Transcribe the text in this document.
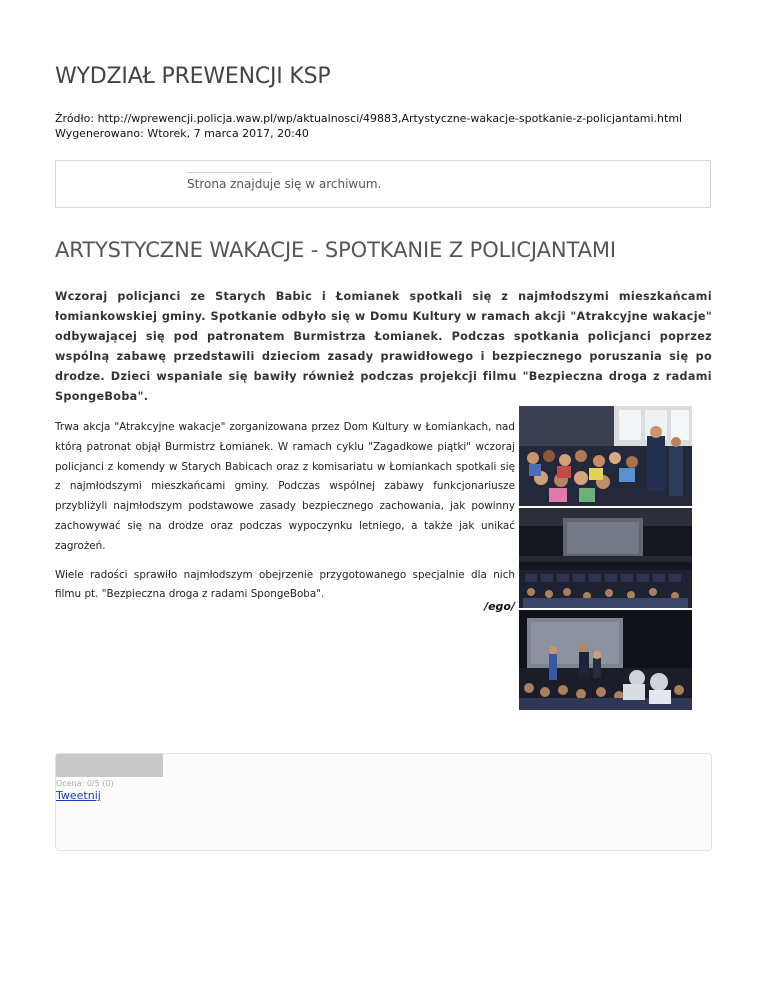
WYDZIAŁ PREWENCJI KSP
Źródło: http://wprewencji.policja.waw.pl/wp/aktualnosci/49883,Artystyczne-wakacje-spotkanie-z-policjantami.html
Wygenerowano: Wtorek, 7 marca 2017, 20:40
Strona znajduje się w archiwum.
ARTYSTYCZNE WAKACJE - SPOTKANIE Z POLICJANTAMI

Wczoraj policjanci ze Starych Babic i Łomianek spotkali się z najmłodszymi mieszkańcami łomiankowskiej gminy. Spotkanie odbyło się w Domu Kultury w ramach akcji "Atrakcyjne wakacje" odbywającej się pod patronatem Burmistrza Łomianek. Podczas spotkania policjanci poprzez wspólną zabawę przedstawili dzieciom zasady prawidłowego i bezpiecznego poruszania się po drodze. Dzieci wspaniale się bawiły również podczas projekcji filmu "Bezpieczna droga z radami SpongeBoba".

Trwa akcja "Atrakcyjne wakacje" zorganizowana przez Dom Kultury w Łomiankach, nad którą patronat objął Burmistrz Łomianek. W ramach cyklu "Zagadkowe piątki" wczoraj policjanci z komendy w Starych Babicach oraz z komisariatu w Łomiankach spotkali się z najmłodszymi mieszkańcami gminy. Podczas wspólnej zabawy funkcjonariusze przybliżyli najmłodszym podstawowe zasady bezpiecznego zachowania, jak powinny zachowywać się na drodze oraz podczas wypoczynku letniego, a także jak unikać zagrożeń.

Wiele radości sprawiło najmłodszym obejrzenie przygotowanego specjalnie dla nich filmu pt. "Bezpieczna droga z radami SpongeBoba".

/ego/
Ocena: 0/5 (0)
Tweetnij
